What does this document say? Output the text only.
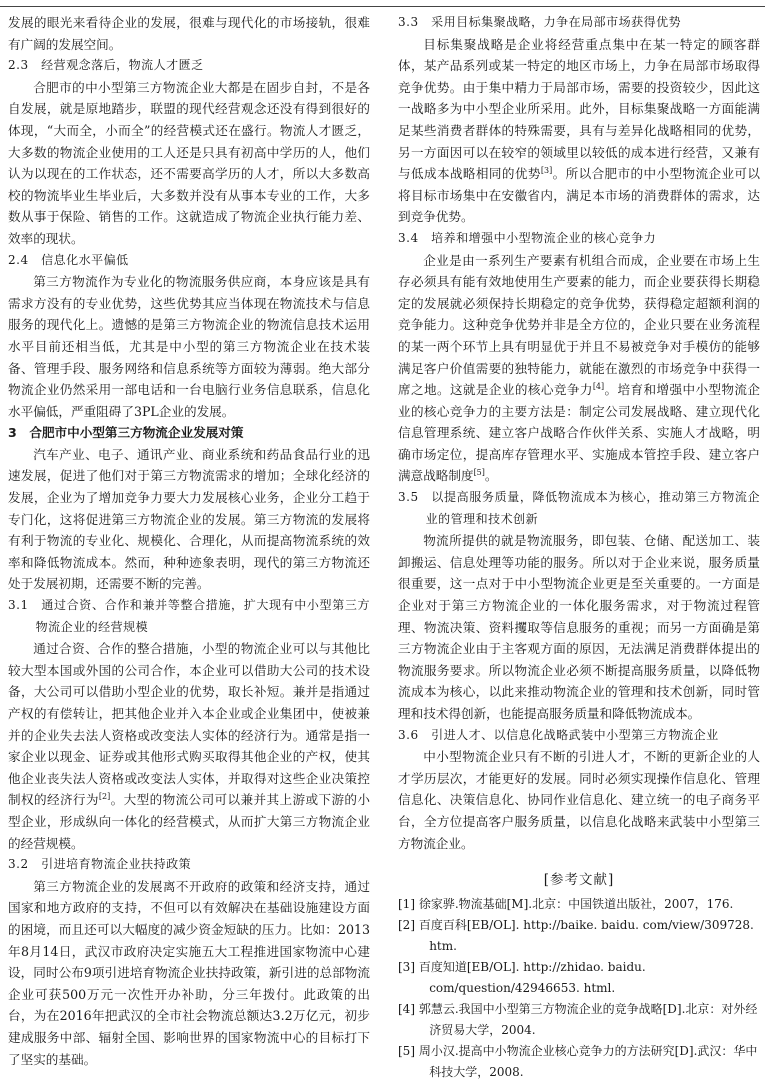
发展的眼光来看待企业的发展，很难与现代化的市场接轨，很难有广阔的发展空间。
2.3　经营观念落后，物流人才匮乏
合肥市的中小型第三方物流企业大都是在固步自封，不是各自发展，就是原地踏步，联盟的现代经营观念还没有得到很好的体现，“大而全，小而全”的经营模式还在盛行。物流人才匮乏，大多数的物流企业使用的工人还是只具有初高中学历的人，他们认为以现在的工作状态，还不需要高学历的人才，所以大多数高校的物流毕业生毕业后，大多数并没有从事本专业的工作，大多数从事于保险、销售的工作。这就造成了物流企业执行能力差、效率的现状。
2.4　信息化水平偏低
第三方物流作为专业化的物流服务供应商，本身应该是具有需求方没有的专业优势，这些优势其应当体现在物流技术与信息服务的现代化上。遗憾的是第三方物流企业的物流信息技术运用水平目前还相当低，尤其是中小型的第三方物流企业在技术装备、管理手段、服务网络和信息系统等方面较为薄弱。绝大部分物流企业仍然采用一部电话和一台电脑行业务信息联系，信息化水平偏低，严重阻碍了3PL企业的发展。
3　合肥市中小型第三方物流企业发展对策
汽车产业、电子、通讯产业、商业系统和药品食品行业的迅速发展，促进了他们对于第三方物流需求的增加；全球化经济的发展，企业为了增加竞争力要大力发展核心业务，企业分工趋于专门化，这将促进第三方物流企业的发展。第三方物流的发展将有利于物流的专业化、规模化、合理化，从而提高物流系统的效率和降低物流成本。然而，种种迹象表明，现代的第三方物流还处于发展初期，还需要不断的完善。
3.1　通过合资、合作和兼并等整合措施，扩大现有中小型第三方物流企业的经营规模
通过合资、合作的整合措施，小型的物流企业可以与其他比较大型本国或外国的公司合作，本企业可以借助大公司的技术设备，大公司可以借助小型企业的优势，取长补短。兼并是指通过产权的有偿转让，把其他企业并入本企业或企业集团中，使被兼并的企业失去法人资格或改变法人实体的经济行为。通常是指一家企业以现金、证券或其他形式购买取得其他企业的产权，使其他企业丧失法人资格或改变法人实体，并取得对这些企业决策控制权的经济行为[2]。大型的物流公司可以兼并其上游或下游的小型企业，形成纵向一体化的经营模式，从而扩大第三方物流企业的经营规模。
3.2　引进培育物流企业扶持政策
第三方物流企业的发展离不开政府的政策和经济支持，通过国家和地方政府的支持，不但可以有效解决在基础设施建设方面的困境，而且还可以大幅度的减少资金短缺的压力。比如：2013年8月14日，武汉市政府决定实施五大工程推进国家物流中心建设，同时公布9项引进培育物流企业扶持政策，新引进的总部物流企业可获500万元一次性开办补助，分三年拨付。此政策的出台，为在2016年把武汉的全市社会物流总额达3.2万亿元，初步建成服务中部、辐射全国、影响世界的国家物流中心的目标打下了坚实的基础。
3.3　采用目标集聚战略，力争在局部市场获得优势
目标集聚战略是企业将经营重点集中在某一特定的顾客群体，某产品系列或某一特定的地区市场上，力争在局部市场取得竞争优势。由于集中精力于局部市场，需要的投资较少，因此这一战略多为中小型企业所采用。此外，目标集聚战略一方面能满足某些消费者群体的特殊需要，具有与差异化战略相同的优势，另一方面因可以在较窄的领域里以较低的成本进行经营，又兼有与低成本战略相同的优势[3]。所以合肥市的中小型物流企业可以将目标市场集中在安徽省内，满足本市场的消费群体的需求，达到竞争优势。
3.4　培养和增强中小型物流企业的核心竞争力
企业是由一系列生产要素有机组合而成，企业要在市场上生存必须具有能有效地使用生产要素的能力，而企业要获得长期稳定的发展就必须保持长期稳定的竞争优势，获得稳定超额利润的竞争能力。这种竞争优势并非是全方位的，企业只要在业务流程的某一两个环节上具有明显优于并且不易被竞争对手模仿的能够满足客户价值需要的独特能力，就能在激烈的市场竞争中获得一席之地。这就是企业的核心竞争力[4]。培育和增强中小型物流企业的核心竞争力的主要方法是：制定公司发展战略、建立现代化信息管理系统、建立客户战略合作伙伴关系、实施人才战略，明确市场定位，提高库存管理水平、实施成本管控手段、建立客户满意战略制度[5]。
3.5　以提高服务质量，降低物流成本为核心，推动第三方物流企业的管理和技术创新
物流所提供的就是物流服务，即包装、仓储、配送加工、装卸搬运、信息处理等功能的服务。所以对于企业来说，服务质量很重要，这一点对于中小型物流企业更是至关重要的。一方面是企业对于第三方物流企业的一体化服务需求，对于物流过程管理、物流决策、资料攫取等信息服务的重视；而另一方面确是第三方物流企业由于主客观方面的原因，无法满足消费群体提出的物流服务要求。所以物流企业必须不断提高服务质量，以降低物流成本为核心，以此来推动物流企业的管理和技术创新，同时管理和技术得创新，也能提高服务质量和降低物流成本。
3.6　引进人才、以信息化战略武装中小型第三方物流企业
中小型物流企业只有不断的引进人才，不断的更新企业的人才学历层次，才能更好的发展。同时必须实现操作信息化、管理信息化、决策信息化、协同作业信息化、建立统一的电子商务平台，全方位提高客户服务质量，以信息化战略来武装中小型第三方物流企业。
[参考文献]
[1] 徐家骅.物流基础[M].北京：中国铁道出版社，2007，176.
[2] 百度百科[EB/OL]. http://baike. baidu. com/view/309728. htm.
[3] 百度知道[EB/OL]. http://zhidao. baidu. com/question/42946653. html.
[4] 郭慧云.我国中小型第三方物流企业的竞争战略[D].北京：对外经济贸易大学，2004.
[5] 周小汉.提高中小物流企业核心竞争力的方法研究[D].武汉：华中科技大学，2008.
